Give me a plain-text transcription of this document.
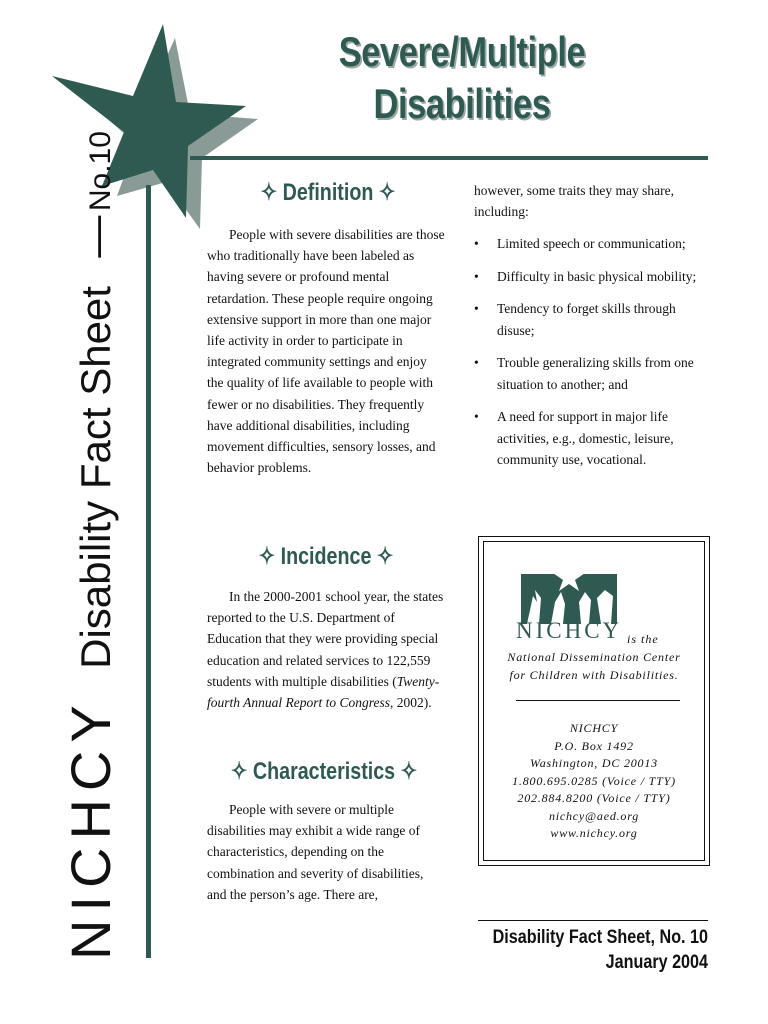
NICHCY Disability Fact Sheet — No.10
Severe/Multiple
Disabilities
✧ Definition ✧
People with severe disabilities are those who traditionally have been labeled as having severe or profound mental retardation. These people require ongoing extensive support in more than one major life activity in order to participate in integrated community settings and enjoy the quality of life available to people with fewer or no disabilities. They frequently have additional disabilities, including movement difficulties, sensory losses, and behavior problems.
✧ Incidence ✧
In the 2000-2001 school year, the states reported to the U.S. Department of Education that they were providing special education and related services to 122,559 students with multiple disabilities (Twenty-fourth Annual Report to Congress, 2002).
✧ Characteristics ✧
People with severe or multiple disabilities may exhibit a wide range of characteristics, depending on the combination and severity of disabilities, and the person’s age. There are,
however, some traits they may share, including:
• Limited speech or communication;
• Difficulty in basic physical mobility;
• Tendency to forget skills through disuse;
• Trouble generalizing skills from one situation to another; and
• A need for support in major life activities, e.g., domestic, leisure, community use, vocational.
NICHCY is the
National Dissemination Center
for Children with Disabilities.
NICHCY
P.O. Box 1492
Washington, DC 20013
1.800.695.0285 (Voice / TTY)
202.884.8200 (Voice / TTY)
nichcy@aed.org
www.nichcy.org
Disability Fact Sheet, No. 10
January 2004
